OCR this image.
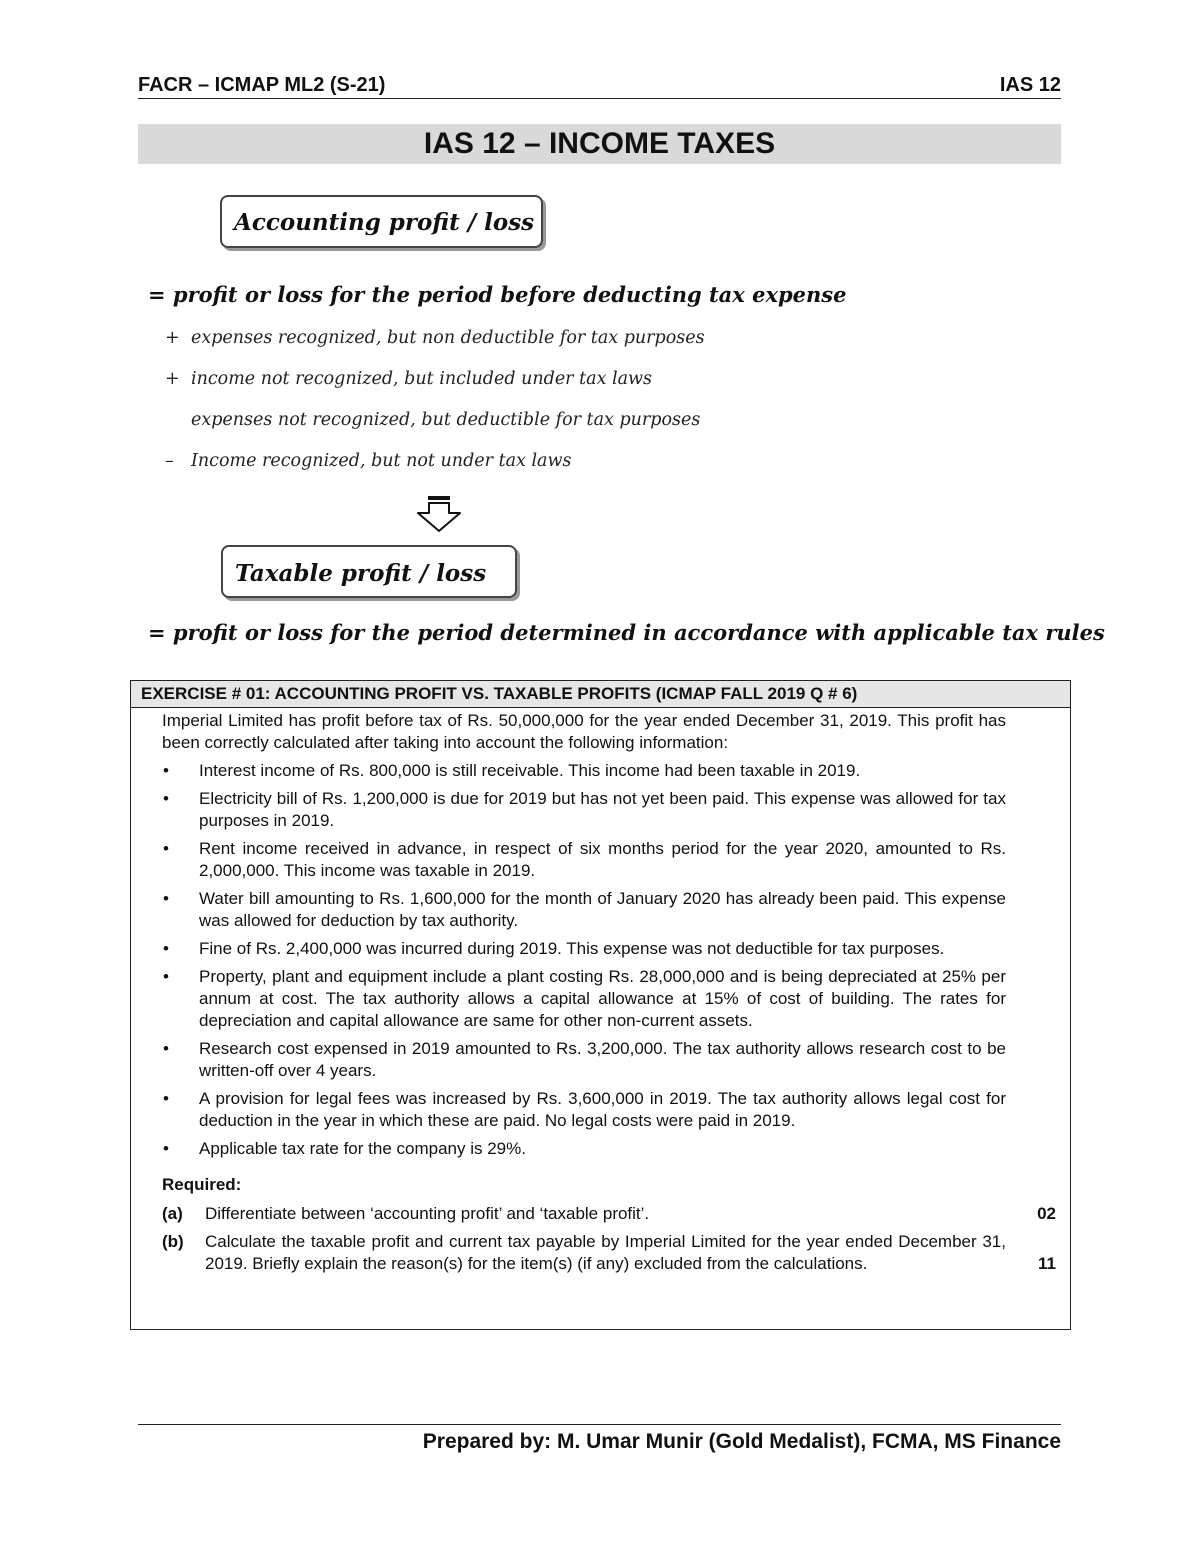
FACR – ICMAP ML2 (S-21)	IAS 12
IAS 12 – INCOME TAXES
Accounting profit / loss
= profit or loss for the period before deducting tax expense
+ expenses recognized, but non deductible for tax purposes
+ income not recognized, but included under tax laws
expenses not recognized, but deductible for tax purposes
– Income recognized, but not under tax laws
Taxable profit / loss
= profit or loss for the period determined in accordance with applicable tax rules
EXERCISE # 01: ACCOUNTING PROFIT VS. TAXABLE PROFITS (ICMAP FALL 2019 Q # 6)

Imperial Limited has profit before tax of Rs. 50,000,000 for the year ended December 31, 2019. This profit has been correctly calculated after taking into account the following information:

• Interest income of Rs. 800,000 is still receivable. This income had been taxable in 2019.
• Electricity bill of Rs. 1,200,000 is due for 2019 but has not yet been paid. This expense was allowed for tax purposes in 2019.
• Rent income received in advance, in respect of six months period for the year 2020, amounted to Rs. 2,000,000. This income was taxable in 2019.
• Water bill amounting to Rs. 1,600,000 for the month of January 2020 has already been paid. This expense was allowed for deduction by tax authority.
• Fine of Rs. 2,400,000 was incurred during 2019. This expense was not deductible for tax purposes.
• Property, plant and equipment include a plant costing Rs. 28,000,000 and is being depreciated at 25% per annum at cost. The tax authority allows a capital allowance at 15% of cost of building. The rates for depreciation and capital allowance are same for other non-current assets.
• Research cost expensed in 2019 amounted to Rs. 3,200,000. The tax authority allows research cost to be written-off over 4 years.
• A provision for legal fees was increased by Rs. 3,600,000 in 2019. The tax authority allows legal cost for deduction in the year in which these are paid. No legal costs were paid in 2019.
• Applicable tax rate for the company is 29%.

Required:

(a) Differentiate between ‘accounting profit’ and ‘taxable profit’.	02
(b) Calculate the taxable profit and current tax payable by Imperial Limited for the year ended December 31, 2019. Briefly explain the reason(s) for the item(s) (if any) excluded from the calculations.	11
Prepared by: M. Umar Munir (Gold Medalist), FCMA, MS Finance
